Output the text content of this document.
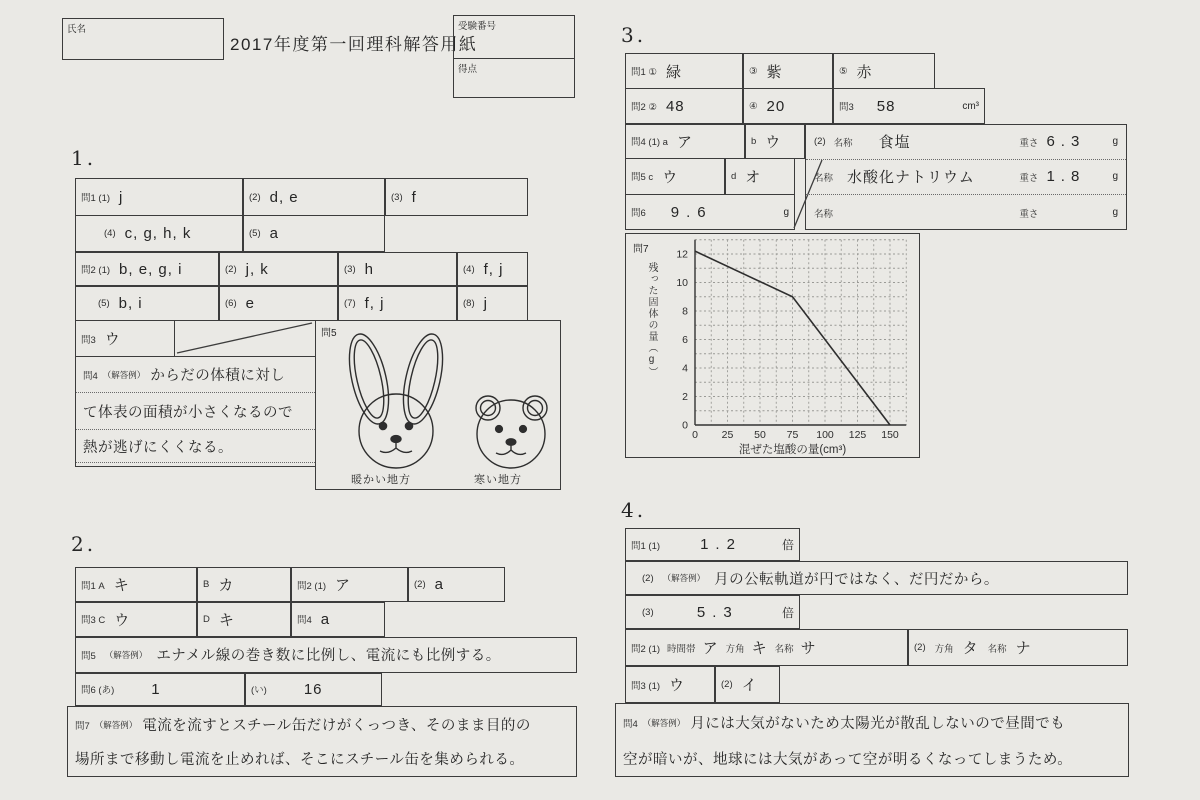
氏名
2017年度第一回理科解答用紙
受験番号
得点
1.
問1 (1) j	(2) d, e	(3) f
(4) c, g, h, k	(5) a
問2 (1) b, e, g, i	(2) j, k	(3) h	(4) f, j
(5) b, i	(6) e	(7) f, j	(8) j
問3 ウ
問4 （解答例） からだの体積に対し
て体表の面積が小さくなるので
熱が逃げにくくなる。
問5
暖かい地方	寒い地方
2.
問1 A キ	B カ	問2 (1) ア	(2) a
問3 C ウ	D キ	問4 a
問5 （解答例） エナメル線の巻き数に比例し、電流にも比例する。
問6 (あ) 1	(い) 16
問7 （解答例） 電流を流すとスチール缶だけがくっつき、そのまま目的の
場所まで移動し電流を止めれば、そこにスチール缶を集められる。
3.
問1 ① 緑	③ 紫	⑤ 赤
問2 ② 48	④ 20	問3 58	cm³
問4 (1) a ア	b ウ
問5 c ウ	d オ
問6 9.6	g
(2) 名称	食塩	重さ 6.3	g
名称 水酸化ナトリウム	重さ 1.8	g
名称	重さ	g
問7
0
2
4
6
8
10
12
0 25 50 75 100 125 150
混ぜた塩酸の量(cm³)
残った固体の量（g）
4.
問1 (1)	1.2	倍
(2) （解答例） 月の公転軌道が円ではなく、だ円だから。
(3)	5.3	倍
問2 (1) 時間帯 ア 方角 キ 名称 サ	(2) 方角 タ 名称 ナ
問3 (1) ウ	(2) イ
問4 （解答例） 月には大気がないため太陽光が散乱しないので昼間でも
空が暗いが、地球には大気があって空が明るくなってしまうため。
